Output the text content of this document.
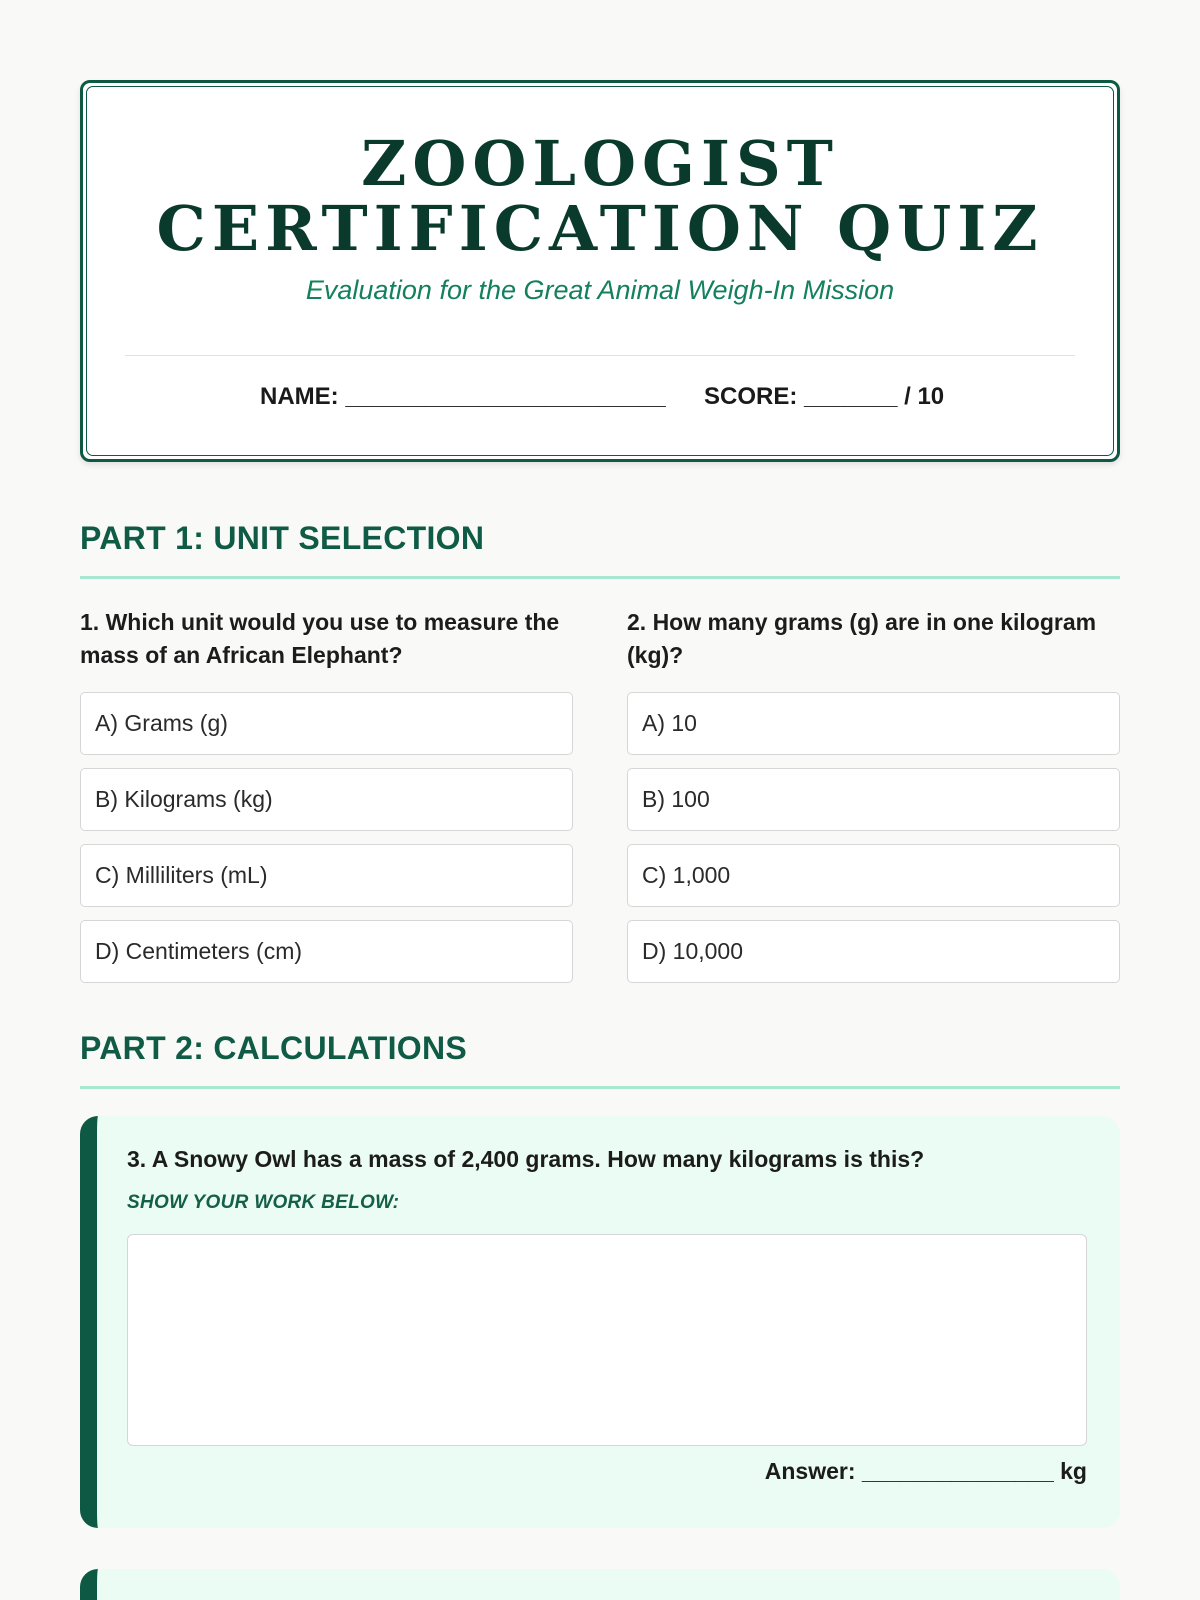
ZOOLOGIST
CERTIFICATION QUIZ
Evaluation for the Great Animal Weigh-In Mission
NAME: ________________________ SCORE: _______ / 10
PART 1: UNIT SELECTION
1. Which unit would you use to measure the mass of an African Elephant?
A) Grams (g)
B) Kilograms (kg)
C) Milliliters (mL)
D) Centimeters (cm)
2. How many grams (g) are in one kilogram (kg)?
A) 10
B) 100
C) 1,000
D) 10,000
PART 2: CALCULATIONS
3. A Snowy Owl has a mass of 2,400 grams. How many kilograms is this?
SHOW YOUR WORK BELOW:
Answer: _______________ kg
